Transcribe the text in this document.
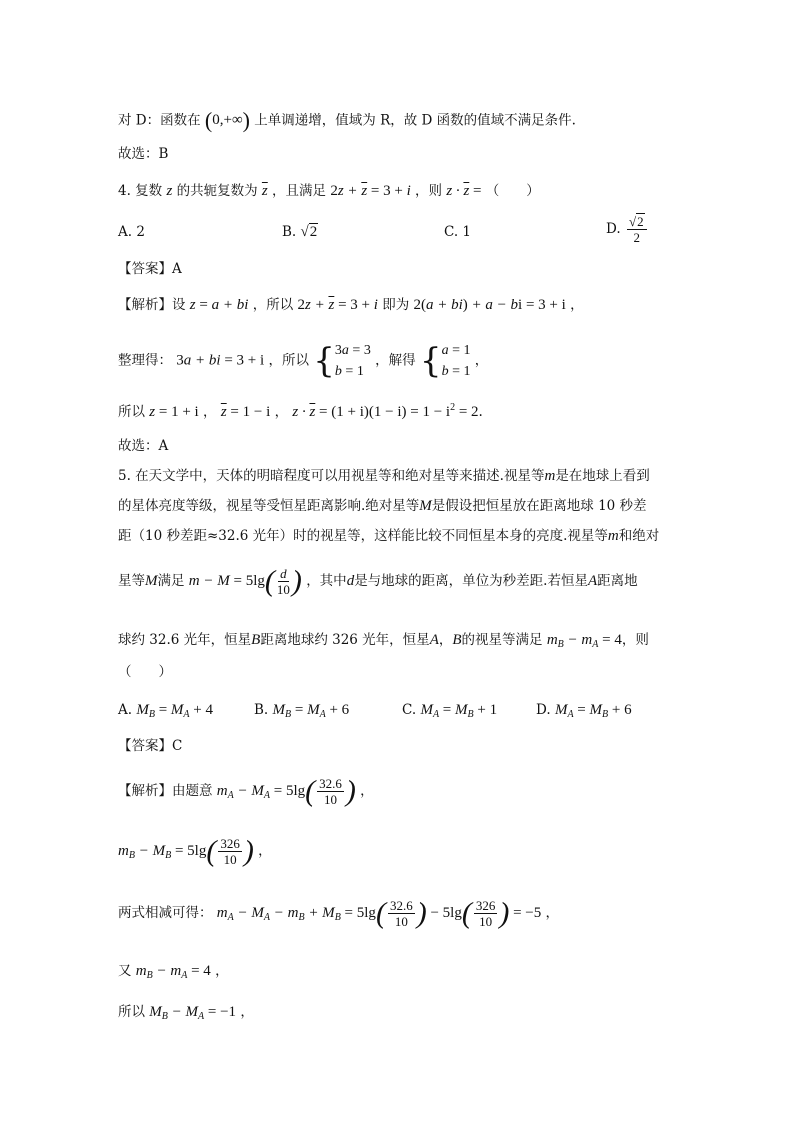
对 D：函数在 (0,+∞) 上单调递增，值域为 R，故 D 函数的值域不满足条件.
故选：B
4. 复数 z 的共轭复数为 $\overline{z}$ ，且满足 $2z + \overline{z} = 3 + i$ ，则 $z \cdot \overline{z}$ = （　　）
A. 2	B. √2	C. 1	D. $\frac{√2}{2}$
【答案】A
【解析】设 z = a + bi ，所以 $2z + \overline{z} = 3 + i$ 即为 2(a + bi) + a − bi = 3 + i ，
整理得： 3a + bi = 3 + i ，所以 { 3a = 3
b = 1
，解得 { a = 1
b = 1
，
所以 z = 1 + i ， $\overline{z} = 1 - i$ ， $z \cdot \overline{z} = (1 + i)(1 - i) = 1 - i^2 = 2$.
故选：A
5. 在天文学中，天体的明暗程度可以用视星等和绝对星等来描述.视星等m是在地球上看到
的星体亮度等级，视星等受恒星距离影响.绝对星等M是假设把恒星放在距离地球 10 秒差
距（10 秒差距≈32.6 光年）时的视星等，这样能比较不同恒星本身的亮度.视星等m和绝对
星等M满足 $m - M = 5\lg( \frac{d}{10}$ ) ，其中d是与地球的距离，单位为秒差距.若恒星A距离地
球约 32.6 光年，恒星B距离地球约 326 光年，恒星A，B的视星等满足 $m_B - m_A = 4$，则
（　　）
A. $M_B = M_A + 4$	B. $M_B = M_A + 6$	C. $M_A = M_B + 1$	D. $M_A = M_B + 6$
【答案】C
【解析】由题意 $m_A - M_A = 5\lg( \frac{32.6}{10}$ ) ，
$m_B - M_B = 5\lg( \frac{326}{10}$ ) ，
两式相减可得： $m_A - M_A - m_B + M_B = 5\lg( \frac{32.6}{10}$ ) − $5\lg( \frac{326}{10}$ ) = −5 ，
又 $m_B - m_A = 4$ ，
所以 $M_B - M_A = -1$ ，
